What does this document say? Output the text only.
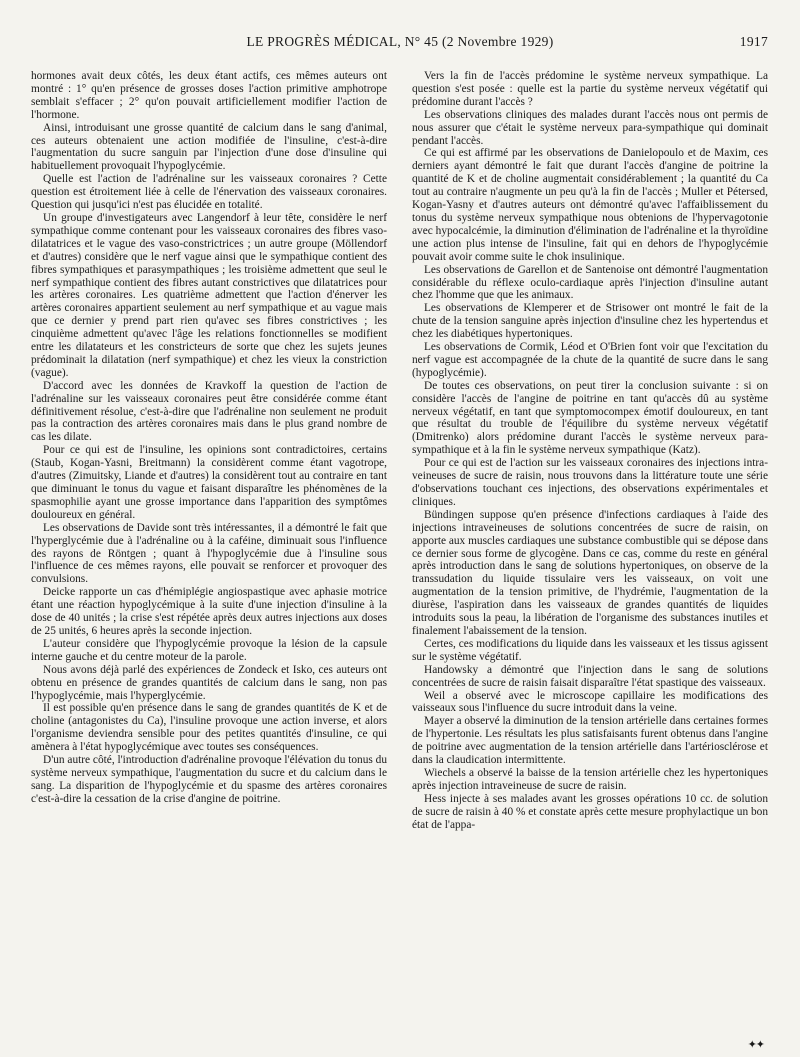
LE PROGRÈS MÉDICAL, N° 45 (2 Novembre 1929)	1917

hormones avait deux côtés, les deux étant actifs, ces mêmes auteurs ont montré : 1° qu'en présence de grosses doses l'action primitive amphotrope semblait s'effacer ; 2° qu'on pouvait artificiellement modifier l'action de l'hormone.

Ainsi, introduisant une grosse quantité de calcium dans le sang d'animal, ces auteurs obtenaient une action modifiée de l'insuline, c'est-à-dire l'augmentation du sucre sanguin par l'injection d'une dose d'insuline qui habituellement provoquait l'hypoglycémie.

Quelle est l'action de l'adrénaline sur les vaisseaux coronaires ? Cette question est étroitement liée à celle de l'énervation des vaisseaux coronaires. Question qui jusqu'ici n'est pas élucidée en totalité.

Un groupe d'investigateurs avec Langendorf à leur tête, considère le nerf sympathique comme contenant pour les vaisseaux coronaires des fibres vaso-dilatatrices et le vague des vaso-constrictrices ; un autre groupe (Möllendorf et d'autres) considère que le nerf vague ainsi que le sympathique contient des fibres sympathiques et parasympathiques ; les troisième admettent que seul le nerf sympathique contient des fibres autant constrictives que dilatatrices pour les artères coronaires. Les quatrième admettent que l'action d'énerver les artères coronaires appartient seulement au nerf sympathique et au vague mais que ce dernier y prend part rien qu'avec ses fibres constrictives ; les cinquième admettent qu'avec l'âge les relations fonctionnelles se modifient entre les dilatateurs et les constricteurs de sorte que chez les sujets jeunes prédominait la dilatation (nerf sympathique) et chez les vieux la constriction (vague).

D'accord avec les données de Kravkoff la question de l'action de l'adrénaline sur les vaisseaux coronaires peut être considérée comme étant définitivement résolue, c'est-à-dire que l'adrénaline non seulement ne produit pas la contraction des artères coronaires mais dans le plus grand nombre de cas les dilate.

Pour ce qui est de l'insuline, les opinions sont contradictoires, certains (Staub, Kogan-Yasni, Breitmann) la considèrent comme étant vagotrope, d'autres (Zimuitsky, Liande et d'autres) la considèrent tout au contraire en tant que diminuant le tonus du vague et faisant disparaître les phénomènes de la spasmophilie ayant une grosse importance dans l'apparition des symptômes douloureux en général.

Les observations de Davide sont très intéressantes, il a démontré le fait que l'hyperglycémie due à l'adrénaline ou à la caféine, diminuait sous l'influence des rayons de Röntgen ; quant à l'hypoglycémie due à l'insuline sous l'influence de ces mêmes rayons, elle pouvait se renforcer et provoquer des convulsions.

Deicke rapporte un cas d'hémiplégie angiospastique avec aphasie motrice étant une réaction hypoglycémique à la suite d'une injection d'insuline à la dose de 40 unités ; la crise s'est répétée après deux autres injections aux doses de 25 unités, 6 heures après la seconde injection.

L'auteur considère que l'hypoglycémie provoque la lésion de la capsule interne gauche et du centre moteur de la parole.

Nous avons déjà parlé des expériences de Zondeck et Isko, ces auteurs ont obtenu en présence de grandes quantités de calcium dans le sang, non pas l'hypoglycémie, mais l'hyperglycémie.

Il est possible qu'en présence dans le sang de grandes quantités de K et de choline (antagonistes du Ca), l'insuline provoque une action inverse, et alors l'organisme deviendra sensible pour des petites quantités d'insuline, ce qui amènera à l'état hypoglycémique avec toutes ses conséquences.

D'un autre côté, l'introduction d'adrénaline provoque l'élévation du tonus du système nerveux sympathique, l'augmentation du sucre et du calcium dans le sang. La disparition de l'hypoglycémie et du spasme des artères coronaires c'est-à-dire la cessation de la crise d'angine de poitrine.

Vers la fin de l'accès prédomine le système nerveux sympathique. La question s'est posée : quelle est la partie du système nerveux végétatif qui prédomine durant l'accès ?

Les observations cliniques des malades durant l'accès nous ont permis de nous assurer que c'était le système nerveux para-sympathique qui dominait pendant l'accès.

Ce qui est affirmé par les observations de Danielopoulo et de Maxim, ces derniers ayant démontré le fait que durant l'accès d'angine de poitrine la quantité de K et de choline augmentait considérablement ; la quantité du Ca tout au contraire n'augmente un peu qu'à la fin de l'accès ; Muller et Pétersed, Kogan-Yasny et d'autres auteurs ont démontré qu'avec l'affaiblissement du tonus du système nerveux sympathique nous obtenions de l'hypervagotonie avec hypocalcémie, la diminution d'élimination de l'adrénaline et la thyroïdine une action plus intense de l'insuline, fait qui en dehors de l'hypoglycémie pouvait avoir comme suite le chok insulinique.

Les observations de Garellon et de Santenoise ont démontré l'augmentation considérable du réflexe oculo-cardiaque après l'injection d'insuline autant chez l'homme que que les animaux.

Les observations de Klemperer et de Strisower ont montré le fait de la chute de la tension sanguine après injection d'insuline chez les hypertendus et chez les diabétiques hypertoniques.

Les observations de Cormik, Léod et O'Brien font voir que l'excitation du nerf vague est accompagnée de la chute de la quantité de sucre dans le sang (hypoglycémie).

De toutes ces observations, on peut tirer la conclusion suivante : si on considère l'accès de l'angine de poitrine en tant qu'accès dû au système nerveux végétatif, en tant que symptomocompex émotif douloureux, en tant que résultat du trouble de l'équilibre du système nerveux végétatif (Dmitrenko) alors prédomine durant l'accès le système nerveux para-sympathique et à la fin le système nerveux sympathique (Katz).

Pour ce qui est de l'action sur les vaisseaux coronaires des injections intra-veineuses de sucre de raisin, nous trouvons dans la littérature toute une série d'observations touchant ces injections, des observations expérimentales et cliniques.

Bündingen suppose qu'en présence d'infections cardiaques à l'aide des injections intraveineuses de solutions concentrées de sucre de raisin, on apporte aux muscles cardiaques une substance combustible qui se dépose dans ce dernier sous forme de glycogène. Dans ce cas, comme du reste en général après introduction dans le sang de solutions hypertoniques, on observe de la transsudation du liquide tissulaire vers les vaisseaux, on voit une augmentation de la tension primitive, de l'hydrémie, l'augmentation de la diurèse, l'aspiration dans les vaisseaux de grandes quantités de liquides introduits sous la peau, la libération de l'organisme des substances inutiles et finalement l'abaissement de la tension.

Certes, ces modifications du liquide dans les vaisseaux et les tissus agissent sur le système végétatif.

Handowsky a démontré que l'injection dans le sang de solutions concentrées de sucre de raisin faisait disparaître l'état spastique des vaisseaux.

Weil a observé avec le microscope capillaire les modifications des vaisseaux sous l'influence du sucre introduit dans la veine.

Mayer a observé la diminution de la tension artérielle dans certaines formes de l'hypertonie. Les résultats les plus satisfaisants furent obtenus dans l'angine de poitrine avec augmentation de la tension artérielle dans l'artériosclérose et dans la claudication intermittente.

Wiechels a observé la baisse de la tension artérielle chez les hypertoniques après injection intraveineuse de sucre de raisin.

Hess injecte à ses malades avant les grosses opérations 10 cc. de solution de sucre de raisin à 40 % et constate après cette mesure prophylactique un bon état de l'appa-

✦✦
